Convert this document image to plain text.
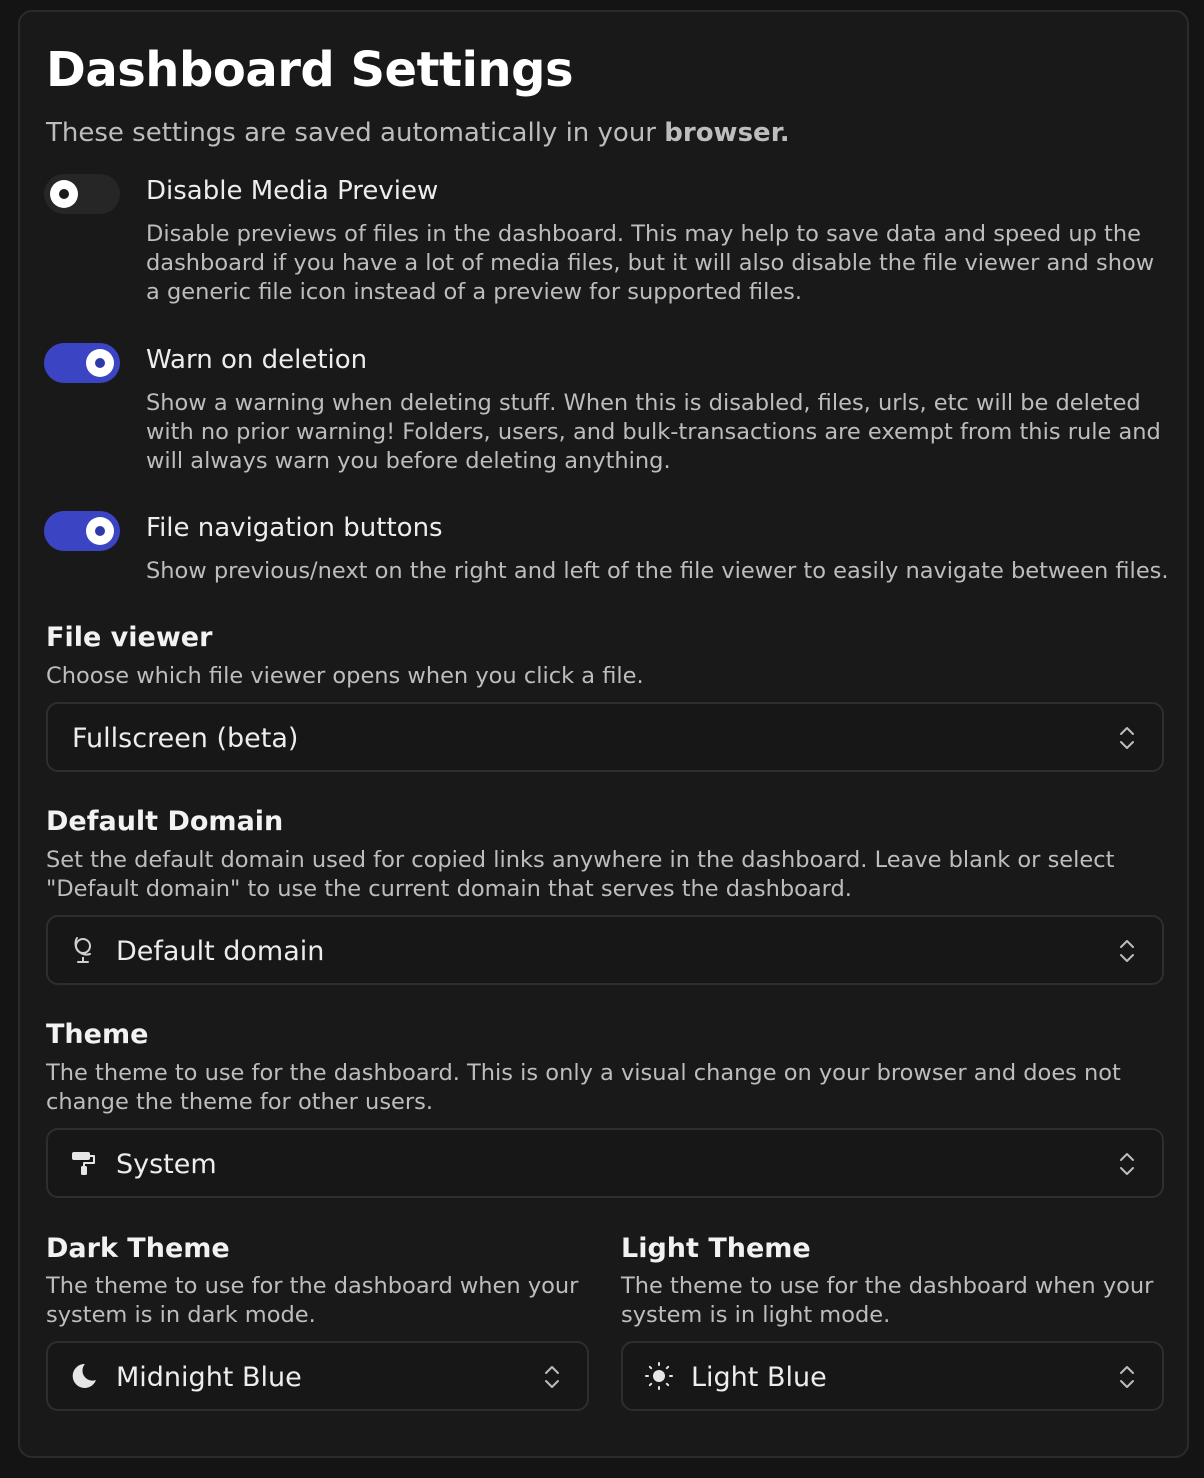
Dashboard Settings

These settings are saved automatically in your browser.

Disable Media Preview
Disable previews of files in the dashboard. This may help to save data and speed up the dashboard if you have a lot of media files, but it will also disable the file viewer and show a generic file icon instead of a preview for supported files.
Warn on deletion
Show a warning when deleting stuff. When this is disabled, files, urls, etc will be deleted with no prior warning! Folders, users, and bulk-transactions are exempt from this rule and will always warn you before deleting anything.
File navigation buttons
Show previous/next on the right and left of the file viewer to easily navigate between files.
File viewer
Choose which file viewer opens when you click a file.
Fullscreen (beta)
Default Domain
Set the default domain used for copied links anywhere in the dashboard. Leave blank or select "Default domain" to use the current domain that serves the dashboard.
Default domain
Theme
The theme to use for the dashboard. This is only a visual change on your browser and does not change the theme for other users.
System
Dark Theme
The theme to use for the dashboard when your system is in dark mode.
Midnight Blue
Light Theme
The theme to use for the dashboard when your system is in light mode.
Light Blue
